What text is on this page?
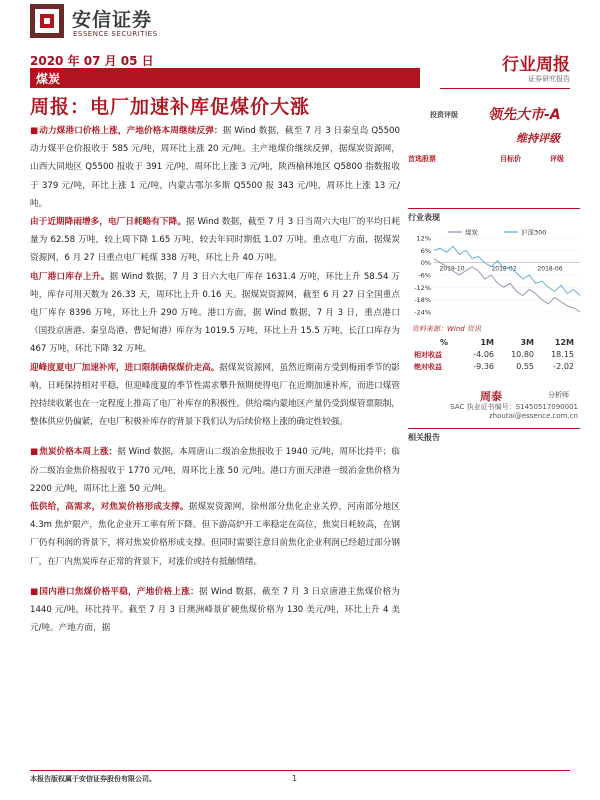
安信证券
ESSENCE SECURITIES
2020 年 07 月 05 日
煤炭
行业周报
证券研究报告
周报：电厂加速补库促煤价大涨

■ 动力煤港口价格上涨，产地价格本周继续反弹：据 Wind 数据，截至 7 月 3 日秦皇岛 Q5500 动力煤平仓价报收于 585 元/吨，周环比上涨 20 元/吨。主产地煤价继续反弹，据煤炭资源网，山西大同地区 Q5500 报收于 391 元/吨，周环比上涨 3 元/吨，陕西榆林地区 Q5800 指数报收于 379 元/吨，环比上涨 1 元/吨，内蒙古鄂尔多斯 Q5500 报 343 元/吨，周环比上涨 13 元/吨。

由于近期降雨增多，电厂日耗略有下降。据 Wind 数据，截至 7 月 3 日当周六大电厂的平均日耗量为 62.58 万吨，较上周下降 1.65 万吨，较去年同时期低 1.07 万吨。重点电厂方面，据煤炭资源网，6 月 27 日重点电厂耗煤 338 万吨，环比上升 40 万吨。

电厂港口库存上升。据 Wind 数据，7 月 3 日六大电厂库存 1631.4 万吨，环比上升 58.54 万吨，库存可用天数为 26.33 天，周环比上升 0.16 天。据煤炭资源网，截至 6 月 27 日全国重点电厂库存 8396 万吨，环比上升 290 万吨。港口方面，据 Wind 数据，7 月 3 日，重点港口（国投京唐港、秦皇岛港、曹妃甸港）库存为 1019.5 万吨，环比上升 15.5 万吨，长江口库存为 467 万吨，环比下降 32 万吨。

迎峰度夏电厂加速补库，进口限制确保煤价走高。据煤炭资源网，虽然近期南方受到梅雨季节的影响，日耗保持相对平稳，但迎峰度夏的季节性需求攀升预期使得电厂在近期加速补库，而进口煤管控持续收紧也在一定程度上推高了电厂补库存的积极性。供给端内蒙地区产量仍受到煤管票限制，整体供应仍偏紧，在电厂积极补库存的背景下我们认为后续价格上涨的确定性较强。

■ 焦炭价格本周上涨：据 Wind 数据，本周唐山二级冶金焦报收于 1940 元/吨，周环比持平；临汾二级冶金焦价格报收于 1770 元/吨，周环比上涨 50 元/吨。港口方面天津港一级冶金焦价格为 2200 元/吨，周环比上涨 50 元/吨。

低供给，高需求，对焦炭价格形成支撑。据煤炭资源网，徐州部分焦化企业关停，河南部分地区 4.3m 焦炉限产，焦化企业开工率有所下降。但下游高炉开工率稳定在高位，焦炭日耗较高，在钢厂仍有利润的背景下，将对焦炭价格形成支撑。但同时需要注意目前焦化企业利润已经超过部分钢厂，在厂内焦炭库存正常的背景下，对涨价或持有抵触情绪。

■ 国内港口焦煤价格平稳，产地价格上涨：据 Wind 数据，截至 7 月 3 日京唐港主焦煤价格为 1440 元/吨，环比持平。截至 7 月 3 日澳洲峰景矿硬焦煤价格为 130 美元/吨，环比上升 4 美元/吨。产地方面，据

投资评级 领先大市-A
维持评级
首选股票	目标价	评级
行业表现
12%
6%
0%
-6%
-12%
-18%
-24%
2019-10	2018-02	2018-06
煤炭	沪深300
资料来源：Wind 资讯
%	1M	3M	12M
相对收益	-4.06 10.80 18.15
绝对收益	-9.36	0.55 -2.02
周泰	分析师
SAC 执业证书编号：S1450517090001
zhoutai@essence.com.cn
相关报告
本报告版权属于安信证券股份有限公司。	1
